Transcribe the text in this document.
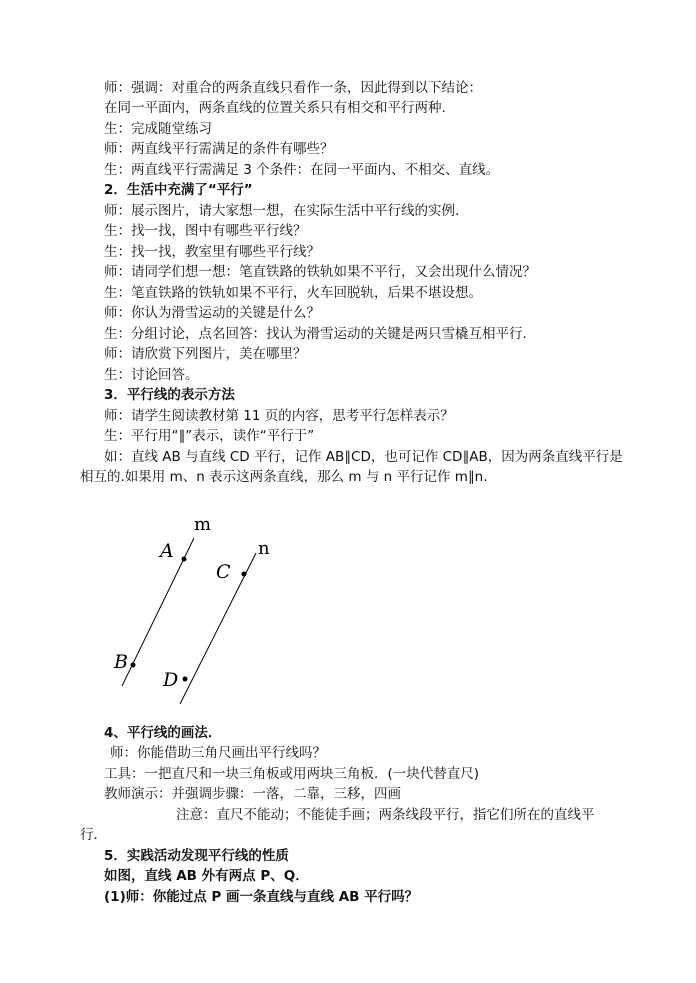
师：强调：对重合的两条直线只看作一条，因此得到以下结论：
在同一平面内，两条直线的位置关系只有相交和平行两种.
生：完成随堂练习
师：两直线平行需满足的条件有哪些？
生：两直线平行需满足 3 个条件：在同一平面内、不相交、直线。
2．生活中充满了“平行”
师：展示图片，请大家想一想，在实际生活中平行线的实例.
生：找一找，图中有哪些平行线？
生：找一找，教室里有哪些平行线？
师：请同学们想一想：笔直铁路的铁轨如果不平行，又会出现什么情况？
生：笔直铁路的铁轨如果不平行，火车回脱轨，后果不堪设想。
师：你认为滑雪运动的关键是什么？
生：分组讨论，点名回答：找认为滑雪运动的关键是两只雪橇互相平行.
师：请欣赏下列图片，美在哪里？
生：讨论回答。
3．平行线的表示方法
师：请学生阅读教材第 11 页的内容，思考平行怎样表示？
生：平行用“∥”表示，读作“平行于”
如：直线 AB 与直线 CD 平行，记作 AB∥CD，也可记作 CD∥AB，因为两条直线平行是
相互的.如果用 m、n 表示这两条直线，那么 m 与 n 平行记作 m∥n.
m
n
A
B
C
D
4、平行线的画法．
师：你能借助三角尺画出平行线吗？
工具：一把直尺和一块三角板或用两块三角板．(一块代替直尺)
教师演示：并强调步骤：一落，二靠，三移，四画
注意：直尺不能动；不能徒手画；两条线段平行，指它们所在的直线平
行．
5．实践活动发现平行线的性质
如图，直线 AB 外有两点 P、Q．
(1)师：你能过点 P 画一条直线与直线 AB 平行吗？
